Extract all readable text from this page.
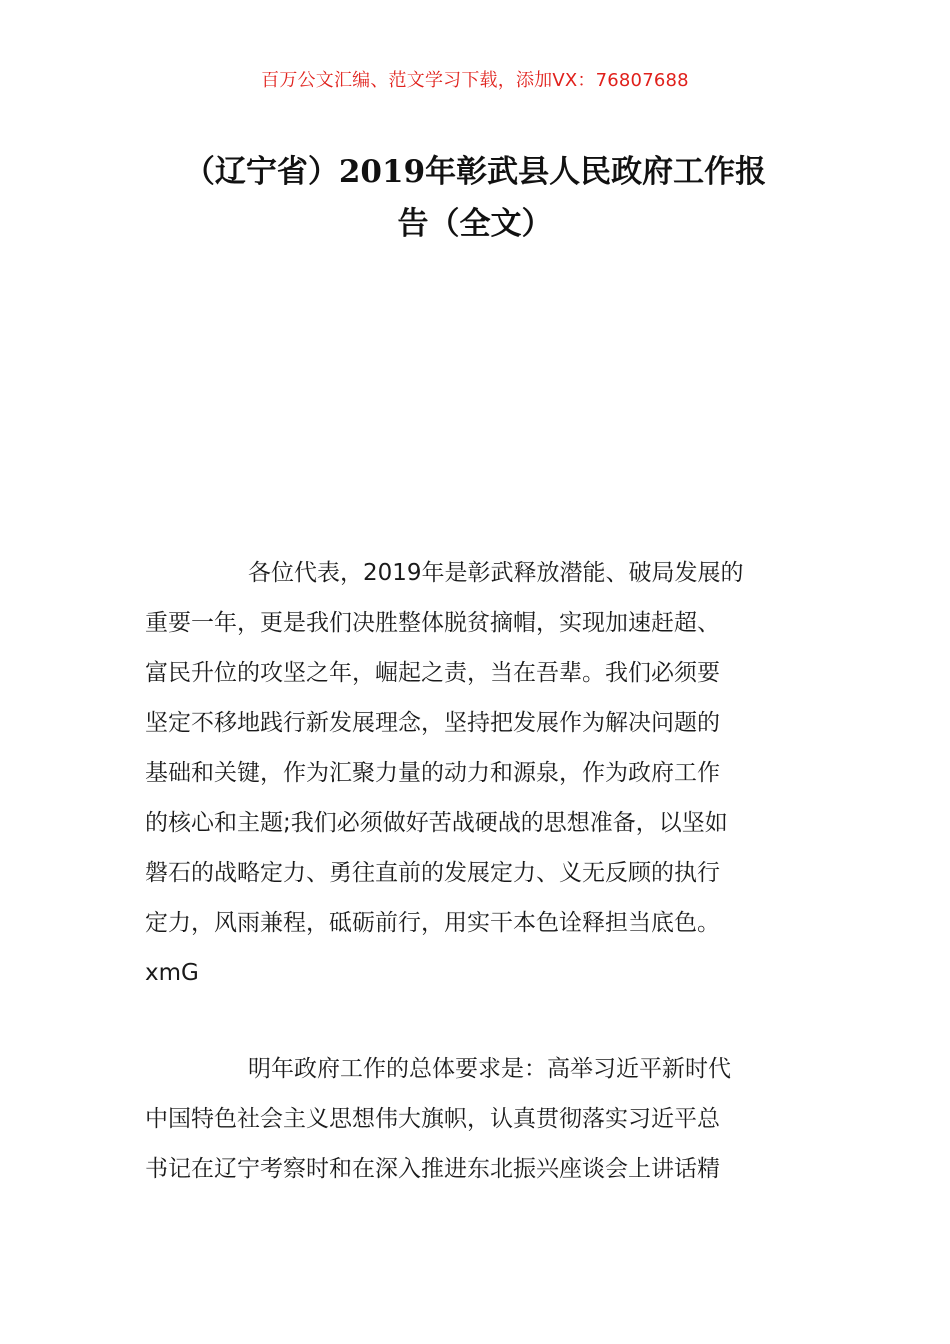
百万公文汇编、范文学习下载，添加VX：76807688
（辽宁省）2019年彰武县人民政府工作报
告（全文）

各位代表，2019年是彰武释放潜能、破局发展的
重要一年，更是我们决胜整体脱贫摘帽，实现加速赶超、
富民升位的攻坚之年，崛起之责，当在吾辈。我们必须要
坚定不移地践行新发展理念，坚持把发展作为解决问题的
基础和关键，作为汇聚力量的动力和源泉，作为政府工作
的核心和主题;我们必须做好苦战硬战的思想准备，以坚如
磐石的战略定力、勇往直前的发展定力、义无反顾的执行
定力，风雨兼程，砥砺前行，用实干本色诠释担当底色。
xmG

明年政府工作的总体要求是：高举习近平新时代
中国特色社会主义思想伟大旗帜，认真贯彻落实习近平总
书记在辽宁考察时和在深入推进东北振兴座谈会上讲话精
